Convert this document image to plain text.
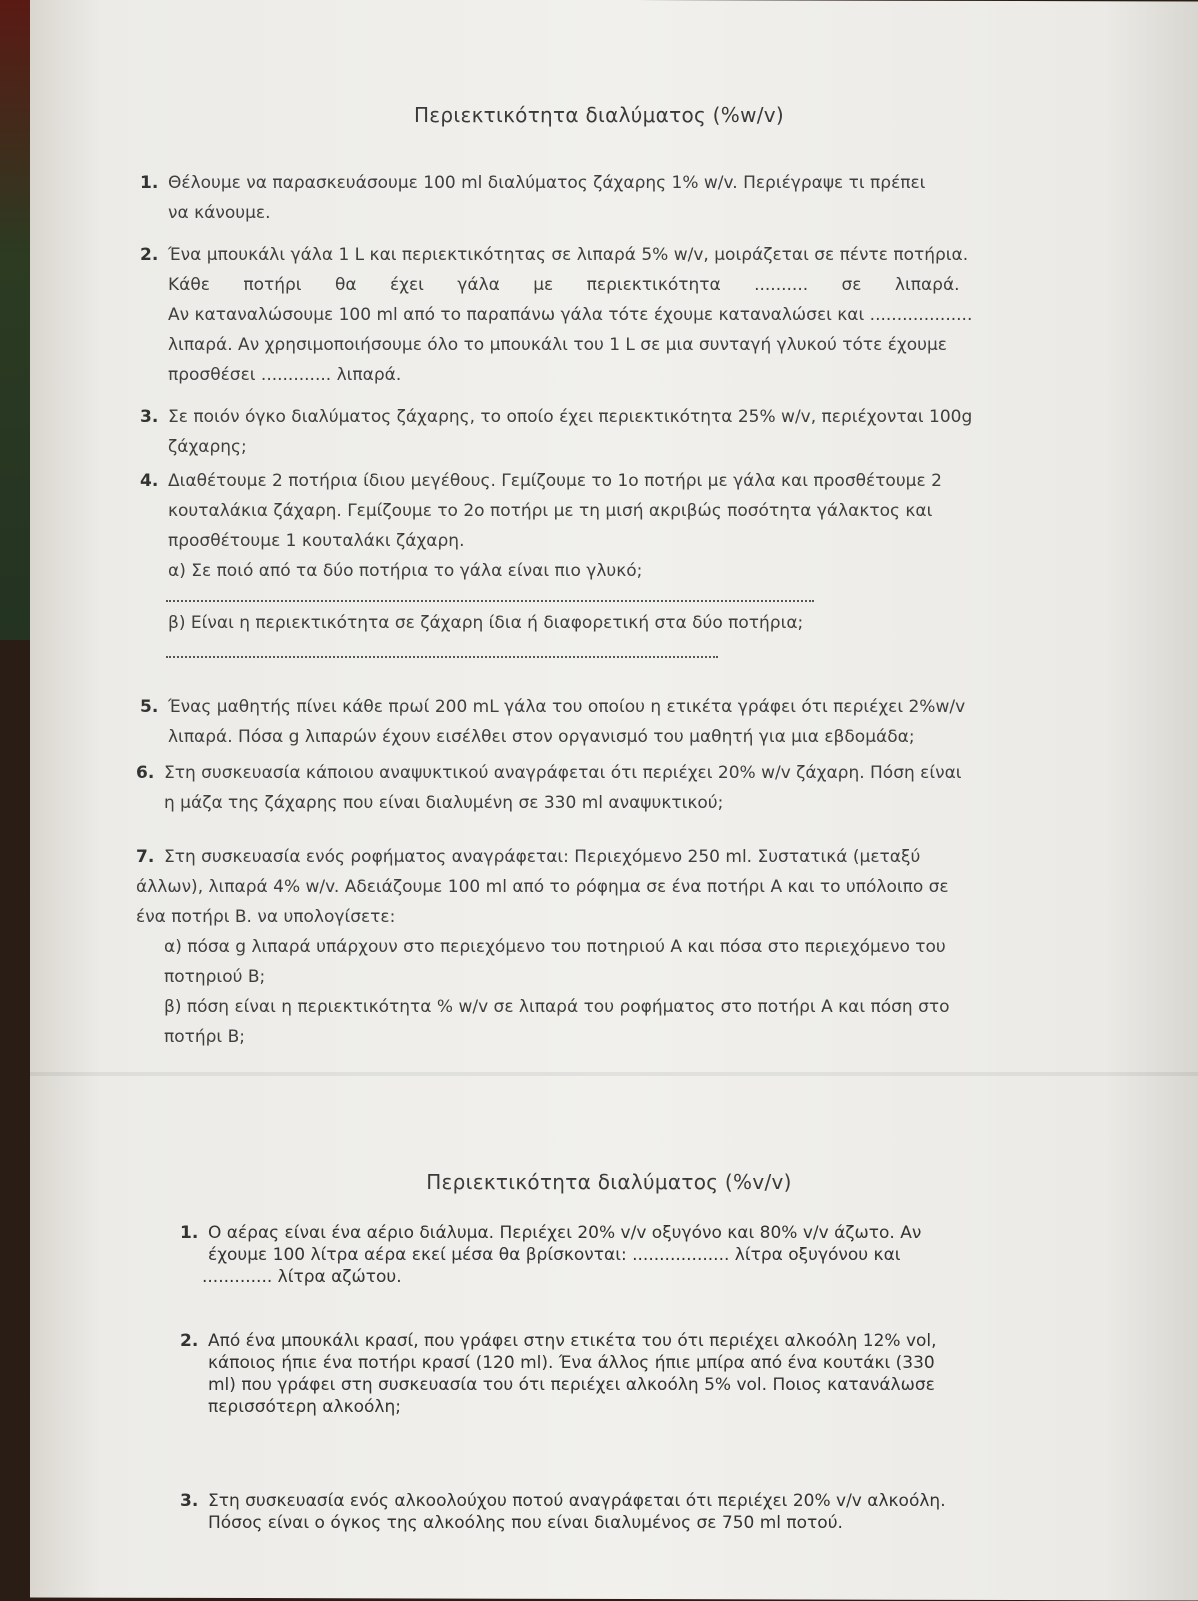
Περιεκτικότητα διαλύματος (%w/v)
1. Θέλουμε να παρασκευάσουμε 100 ml διαλύματος ζάχαρης 1% w/v. Περιέγραψε τι πρέπει
να κάνουμε.
2. Ένα μπουκάλι γάλα 1 L και περιεκτικότητας σε λιπαρά 5% w/v, μοιράζεται σε πέντε ποτήρια.
Κάθε ποτήρι θα έχει γάλα με περιεκτικότητα .......... σε λιπαρά.
Αν καταναλώσουμε 100 ml από το παραπάνω γάλα τότε έχουμε καταναλώσει και ...................
λιπαρά. Αν χρησιμοποιήσουμε όλο το μπουκάλι του 1 L σε μια συνταγή γλυκού τότε έχουμε
προσθέσει ............. λιπαρά.
3. Σε ποιόν όγκο διαλύματος ζάχαρης, το οποίο έχει περιεκτικότητα 25% w/v, περιέχονται 100g
ζάχαρης;
4. Διαθέτουμε 2 ποτήρια ίδιου μεγέθους. Γεμίζουμε το 1ο ποτήρι με γάλα και προσθέτουμε 2
κουταλάκια ζάχαρη. Γεμίζουμε το 2ο ποτήρι με τη μισή ακριβώς ποσότητα γάλακτος και
προσθέτουμε 1 κουταλάκι ζάχαρη.
α) Σε ποιό από τα δύο ποτήρια το γάλα είναι πιο γλυκό;
β) Είναι η περιεκτικότητα σε ζάχαρη ίδια ή διαφορετική στα δύο ποτήρια;
5. Ένας μαθητής πίνει κάθε πρωί 200 mL γάλα του οποίου η ετικέτα γράφει ότι περιέχει 2%w/v
λιπαρά. Πόσα g λιπαρών έχουν εισέλθει στον οργανισμό του μαθητή για μια εβδομάδα;
6. Στη συσκευασία κάποιου αναψυκτικού αναγράφεται ότι περιέχει 20% w/v ζάχαρη. Πόση είναι
η μάζα της ζάχαρης που είναι διαλυμένη σε 330 ml αναψυκτικού;
7. Στη συσκευασία ενός ροφήματος αναγράφεται: Περιεχόμενο 250 ml. Συστατικά (μεταξύ
άλλων), λιπαρά 4% w/v. Αδειάζουμε 100 ml από το ρόφημα σε ένα ποτήρι Α και το υπόλοιπο σε
ένα ποτήρι Β. να υπολογίσετε:
α) πόσα g λιπαρά υπάρχουν στο περιεχόμενο του ποτηριού Α και πόσα στο περιεχόμενο του
ποτηριού Β;
β) πόση είναι η περιεκτικότητα % w/v σε λιπαρά του ροφήματος στο ποτήρι Α και πόση στο
ποτήρι Β;
Περιεκτικότητα διαλύματος (%v/v)
1. Ο αέρας είναι ένα αέριο διάλυμα. Περιέχει 20% v/v οξυγόνο και 80% v/v άζωτο. Αν
έχουμε 100 λίτρα αέρα εκεί μέσα θα βρίσκονται: .................. λίτρα οξυγόνου και
............. λίτρα αζώτου.
2. Από ένα μπουκάλι κρασί, που γράφει στην ετικέτα του ότι περιέχει αλκοόλη 12% vol,
κάποιος ήπιε ένα ποτήρι κρασί (120 ml). Ένα άλλος ήπιε μπίρα από ένα κουτάκι (330
ml) που γράφει στη συσκευασία του ότι περιέχει αλκοόλη 5% vol. Ποιος κατανάλωσε
περισσότερη αλκοόλη;
3. Στη συσκευασία ενός αλκοολούχου ποτού αναγράφεται ότι περιέχει 20% v/v αλκοόλη.
Πόσος είναι ο όγκος της αλκοόλης που είναι διαλυμένος σε 750 ml ποτού.
